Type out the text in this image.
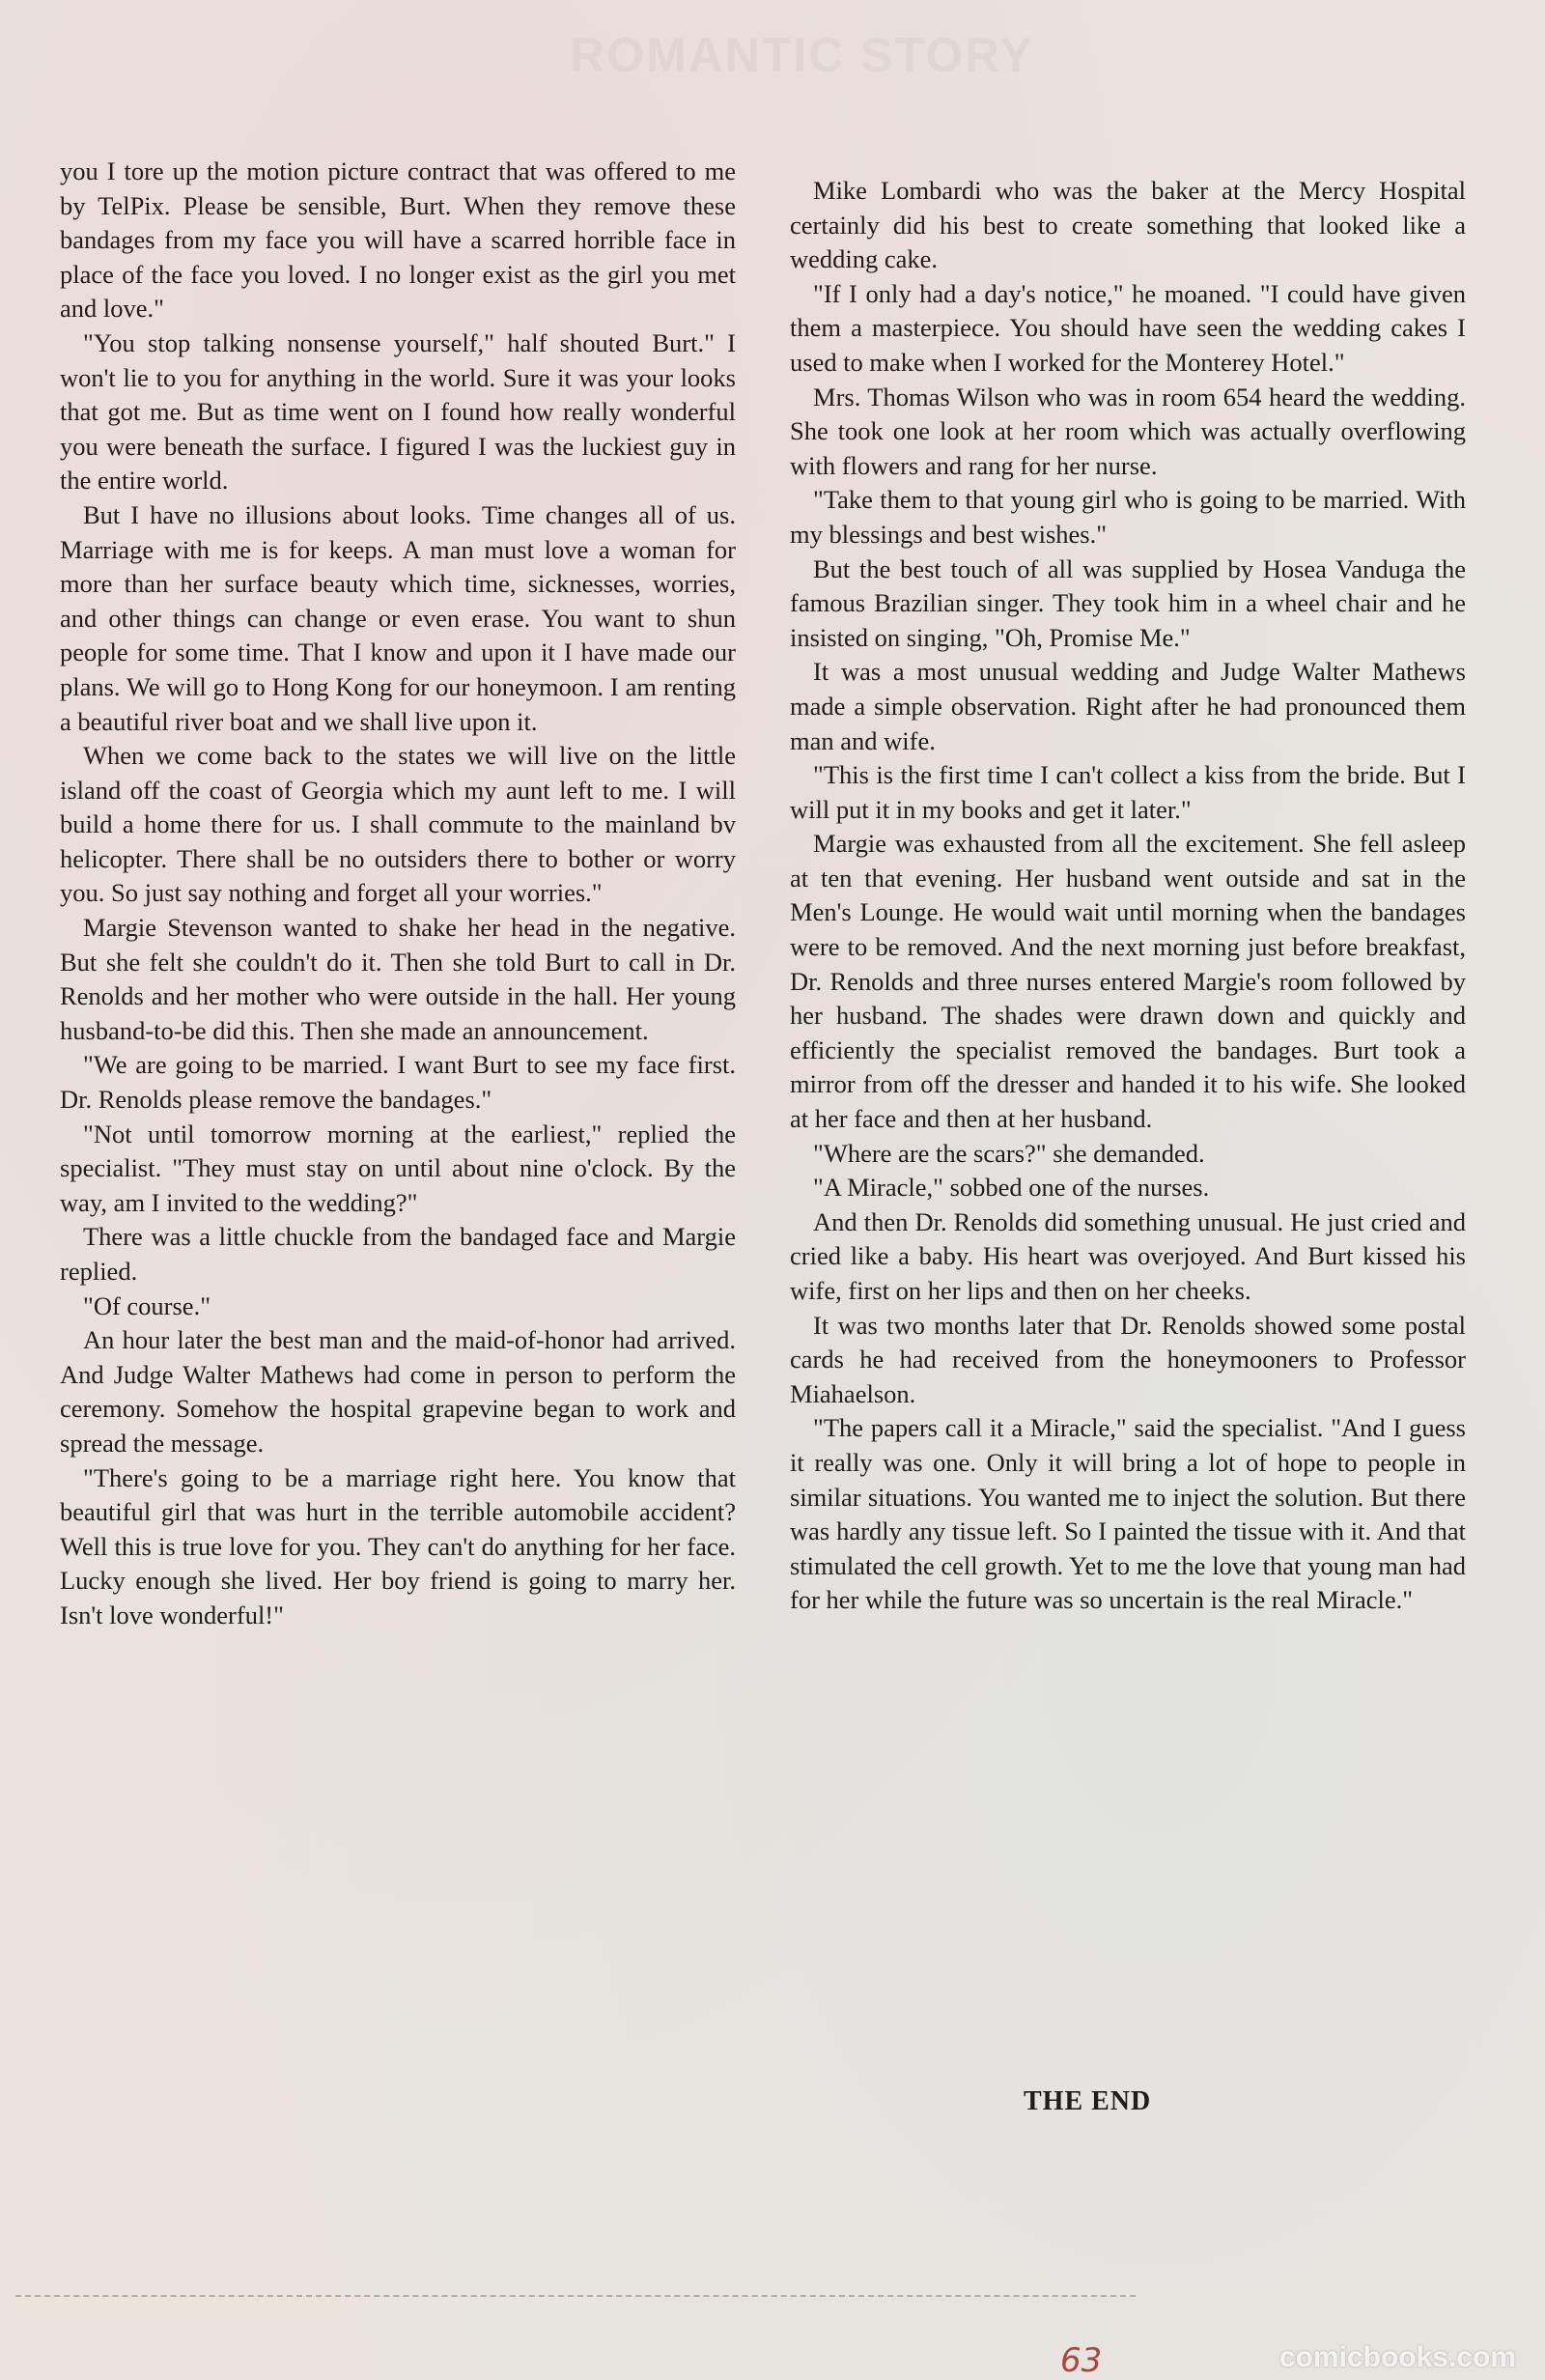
ROMANTIC STORY

you I tore up the motion picture contract that was offered to me by TelPix. Please be sensible, Burt. When they remove these bandages from my face you will have a scarred horrible face in place of the face you loved. I no longer exist as the girl you met and love."

"You stop talking nonsense yourself," half shouted Burt." I won't lie to you for anything in the world. Sure it was your looks that got me. But as time went on I found how really wonderful you were beneath the surface. I figured I was the luckiest guy in the entire world.

But I have no illusions about looks. Time changes all of us. Marriage with me is for keeps. A man must love a woman for more than her surface beauty which time, sicknesses, worries, and other things can change or even erase. You want to shun people for some time. That I know and upon it I have made our plans. We will go to Hong Kong for our honeymoon. I am renting a beautiful river boat and we shall live upon it.

When we come back to the states we will live on the little island off the coast of Georgia which my aunt left to me. I will build a home there for us. I shall commute to the mainland bv helicopter. There shall be no outsiders there to bother or worry you. So just say nothing and forget all your worries."

Margie Stevenson wanted to shake her head in the negative. But she felt she couldn't do it. Then she told Burt to call in Dr. Renolds and her mother who were outside in the hall. Her young husband-to-be did this. Then she made an announcement.

"We are going to be married. I want Burt to see my face first. Dr. Renolds please remove the bandages."

"Not until tomorrow morning at the earliest," replied the specialist. "They must stay on until about nine o'clock. By the way, am I invited to the wedding?"

There was a little chuckle from the bandaged face and Margie replied.

"Of course."

An hour later the best man and the maid-of-honor had arrived. And Judge Walter Mathews had come in person to perform the ceremony. Somehow the hospital grapevine began to work and spread the message.

"There's going to be a marriage right here. You know that beautiful girl that was hurt in the terrible automobile accident? Well this is true love for you. They can't do anything for her face. Lucky enough she lived. Her boy friend is going to marry her. Isn't love wonderful!"

Mike Lombardi who was the baker at the Mercy Hospital certainly did his best to create something that looked like a wedding cake.

"If I only had a day's notice," he moaned. "I could have given them a masterpiece. You should have seen the wedding cakes I used to make when I worked for the Monterey Hotel."

Mrs. Thomas Wilson who was in room 654 heard the wedding. She took one look at her room which was actually overflowing with flowers and rang for her nurse.

"Take them to that young girl who is going to be married. With my blessings and best wishes."

But the best touch of all was supplied by Hosea Vanduga the famous Brazilian singer. They took him in a wheel chair and he insisted on singing, "Oh, Promise Me."

It was a most unusual wedding and Judge Walter Mathews made a simple observation. Right after he had pronounced them man and wife.

"This is the first time I can't collect a kiss from the bride. But I will put it in my books and get it later."

Margie was exhausted from all the excitement. She fell asleep at ten that evening. Her husband went outside and sat in the Men's Lounge. He would wait until morning when the bandages were to be removed. And the next morning just before breakfast, Dr. Renolds and three nurses entered Margie's room followed by her husband. The shades were drawn down and quickly and efficiently the specialist removed the bandages. Burt took a mirror from off the dresser and handed it to his wife. She looked at her face and then at her husband.

"Where are the scars?" she demanded.

"A Miracle," sobbed one of the nurses.

And then Dr. Renolds did something unusual. He just cried and cried like a baby. His heart was overjoyed. And Burt kissed his wife, first on her lips and then on her cheeks.

It was two months later that Dr. Renolds showed some postal cards he had received from the honeymooners to Professor Miahaelson.

"The papers call it a Miracle," said the specialist. "And I guess it really was one. Only it will bring a lot of hope to people in similar situations. You wanted me to inject the solution. But there was hardly any tissue left. So I painted the tissue with it. And that stimulated the cell growth. Yet to me the love that young man had for her while the future was so uncertain is the real Miracle."

THE END
63	comicbooks.com
